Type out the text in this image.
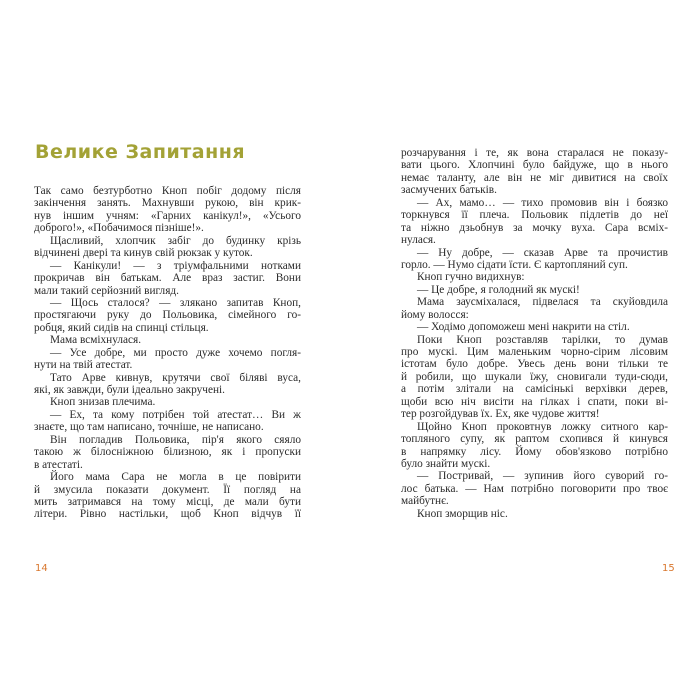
Велике Запитання
Так само безтурботно Кноп побіг додому після
закінчення занять. Махнувши рукою, він крик-
нув іншим учням: «Гарних канікул!», «Усього
доброго!», «Побачимося пізніше!».
Щасливий, хлопчик забіг до будинку крізь
відчинені двері та кинув свій рюкзак у куток.
— Канікули! — з тріумфальними нотками
прокричав він батькам. Але враз застиг. Вони
мали такий серйозний вигляд.
— Щось сталося? — злякано запитав Кноп,
простягаючи руку до Польовика, сімейного го-
робця, який сидів на спинці стільця.
Мама всміхнулася.
— Усе добре, ми просто дуже хочемо погля-
нути на твій атестат.
Тато Арве кивнув, крутячи свої біляві вуса,
які, як завжди, були ідеально закручені.
Кноп знизав плечима.
— Ех, та кому потрібен той атестат… Ви ж
знаєте, що там написано, точніше, не написано.
Він погладив Польовика, пір'я якого сяяло
такою ж білосніжною білизною, як і пропуски
в атестаті.
Його мама Сара не могла в це повірити
й змусила показати документ. Її погляд на
мить затримався на тому місці, де мали бути
літери. Рівно настільки, щоб Кноп відчув її
14
розчарування і те, як вона старалася не показу-
вати цього. Хлопчині було байдуже, що в нього
немає таланту, але він не міг дивитися на своїх
засмучених батьків.
— Ах, мамо… — тихо промовив він і боязко
торкнувся її плеча. Польовик підлетів до неї
та ніжно дзьобнув за мочку вуха. Сара всміх-
нулася.
— Ну добре, — сказав Арве та прочистив
горло. — Нумо сідати їсти. Є картопляний суп.
Кноп гучно видихнув:
— Це добре, я голодний як мускі!
Мама заусміхалася, підвелася та скуйовдила
йому волосся:
— Ходімо допоможеш мені накрити на стіл.
Поки Кноп розставляв тарілки, то думав
про мускі. Цим маленьким чорно-сірим лісовим
істотам було добре. Увесь день вони тільки те
й робили, що шукали їжу, сновигали туди-сюди,
а потім злітали на самісінькі верхівки дерев,
щоби всю ніч висіти на гілках і спати, поки ві-
тер розгойдував їх. Ех, яке чудове життя!
Щойно Кноп проковтнув ложку ситного кар-
топляного супу, як раптом схопився й кинувся
в напрямку лісу. Йому обов'язково потрібно
було знайти мускі.
— Постривай, — зупинив його суворий го-
лос батька. — Нам потрібно поговорити про твоє
майбутнє.
Кноп зморщив ніс.
15
